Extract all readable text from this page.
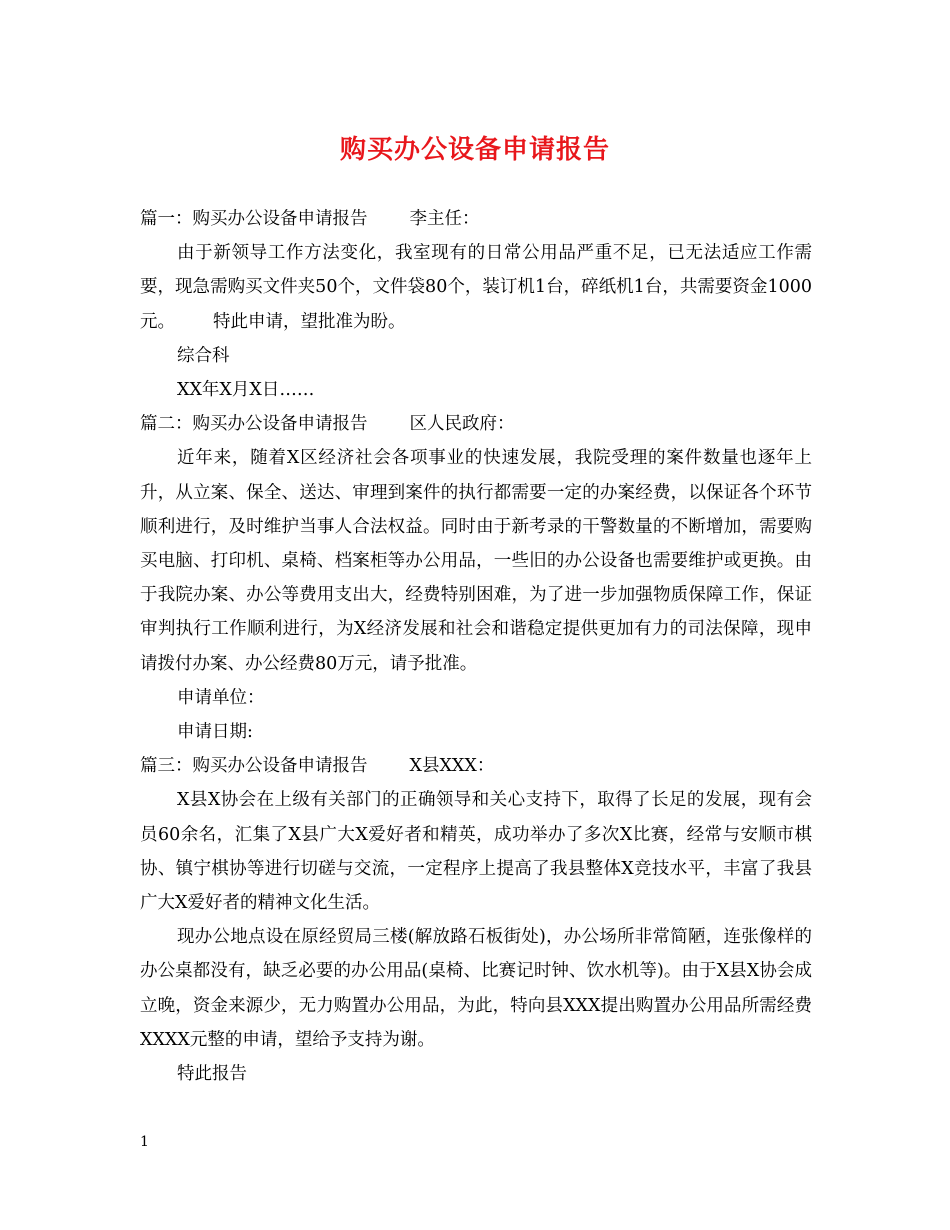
购买办公设备申请报告

篇一：购买办公设备申请报告 李主任：

由于新领导工作方法变化，我室现有的日常公用品严重不足，已无法适应工作需要，现急需购买文件夹50个，文件袋80个，装订机1台，碎纸机1台，共需要资金1000元。 特此申请，望批准为盼。

综合科

XX年X月X日……

篇二：购买办公设备申请报告 区人民政府：

近年来，随着X区经济社会各项事业的快速发展，我院受理的案件数量也逐年上升，从立案、保全、送达、审理到案件的执行都需要一定的办案经费，以保证各个环节顺利进行，及时维护当事人合法权益。同时由于新考录的干警数量的不断增加，需要购买电脑、打印机、桌椅、档案柜等办公用品，一些旧的办公设备也需要维护或更换。由于我院办案、办公等费用支出大，经费特别困难，为了进一步加强物质保障工作，保证审判执行工作顺利进行，为X经济发展和社会和谐稳定提供更加有力的司法保障，现申请拨付办案、办公经费80万元，请予批准。

申请单位：

申请日期:

篇三：购买办公设备申请报告 X县XXX：

X县X协会在上级有关部门的正确领导和关心支持下，取得了长足的发展，现有会员60余名，汇集了X县广大X爱好者和精英，成功举办了多次X比赛，经常与安顺市棋协、镇宁棋协等进行切磋与交流，一定程序上提高了我县整体X竞技水平，丰富了我县广大X爱好者的精神文化生活。

现办公地点设在原经贸局三楼(解放路石板街处)，办公场所非常简陋，连张像样的办公桌都没有，缺乏必要的办公用品(桌椅、比赛记时钟、饮水机等)。由于X县X协会成立晚，资金来源少，无力购置办公用品，为此，特向县XXX提出购置办公用品所需经费XXXX元整的申请，望给予支持为谢。

特此报告

1
